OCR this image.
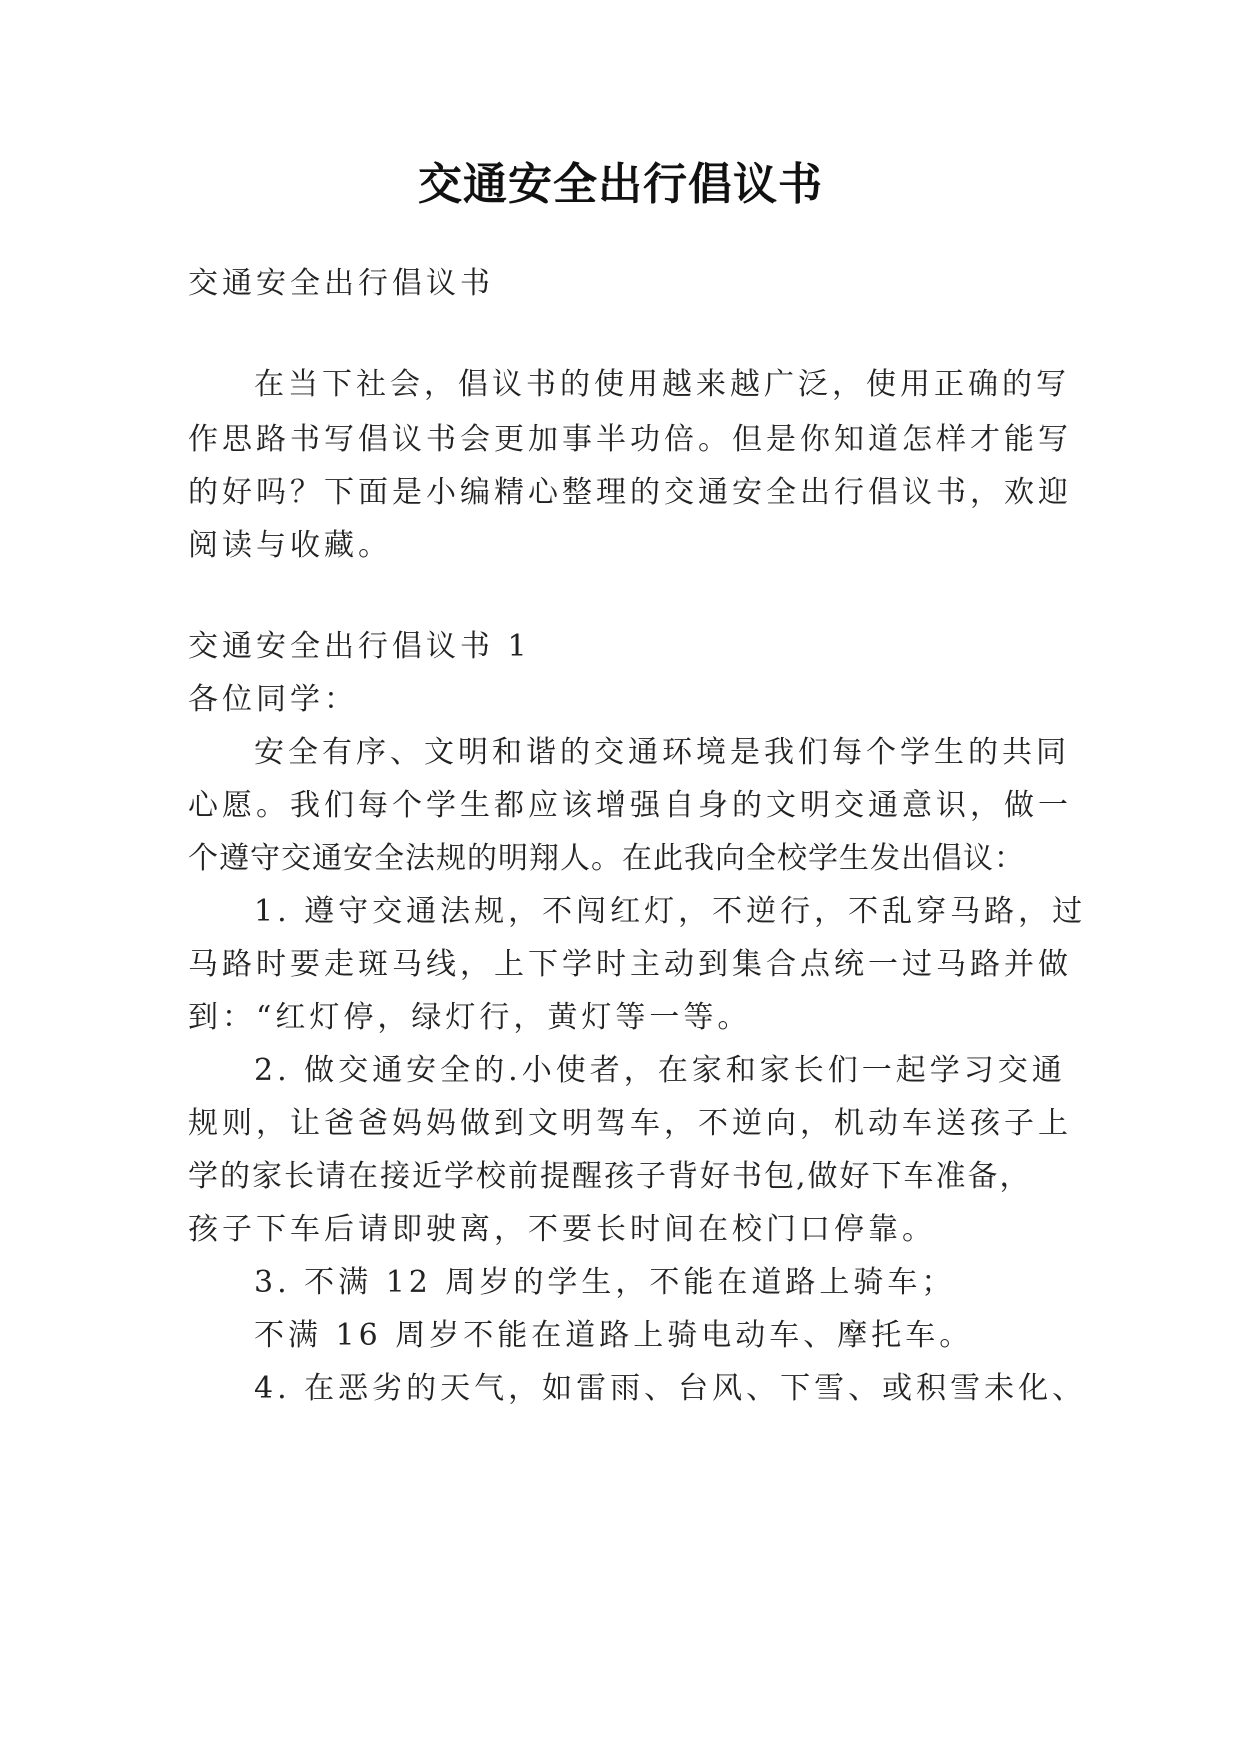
交通安全出行倡议书

交通安全出行倡议书

在当下社会，倡议书的使用越来越广泛，使用正确的写

作思路书写倡议书会更加事半功倍。但是你知道怎样才能写

的好吗？下面是小编精心整理的交通安全出行倡议书，欢迎

阅读与收藏。

交通安全出行倡议书 1

各位同学：

安全有序、文明和谐的交通环境是我们每个学生的共同

心愿。我们每个学生都应该增强自身的文明交通意识，做一

个遵守交通安全法规的明翔人。在此我向全校学生发出倡议：

1. 遵守交通法规，不闯红灯，不逆行，不乱穿马路，过

马路时要走斑马线，上下学时主动到集合点统一过马路并做

到：“红灯停，绿灯行，黄灯等一等。

2. 做交通安全的.小使者，在家和家长们一起学习交通

规则，让爸爸妈妈做到文明驾车，不逆向，机动车送孩子上

学的家长请在接近学校前提醒孩子背好书包,做好下车准备，

孩子下车后请即驶离，不要长时间在校门口停靠。

3. 不满 12 周岁的学生，不能在道路上骑车；

不满 16 周岁不能在道路上骑电动车、摩托车。

4. 在恶劣的天气，如雷雨、台风、下雪、或积雪未化、
